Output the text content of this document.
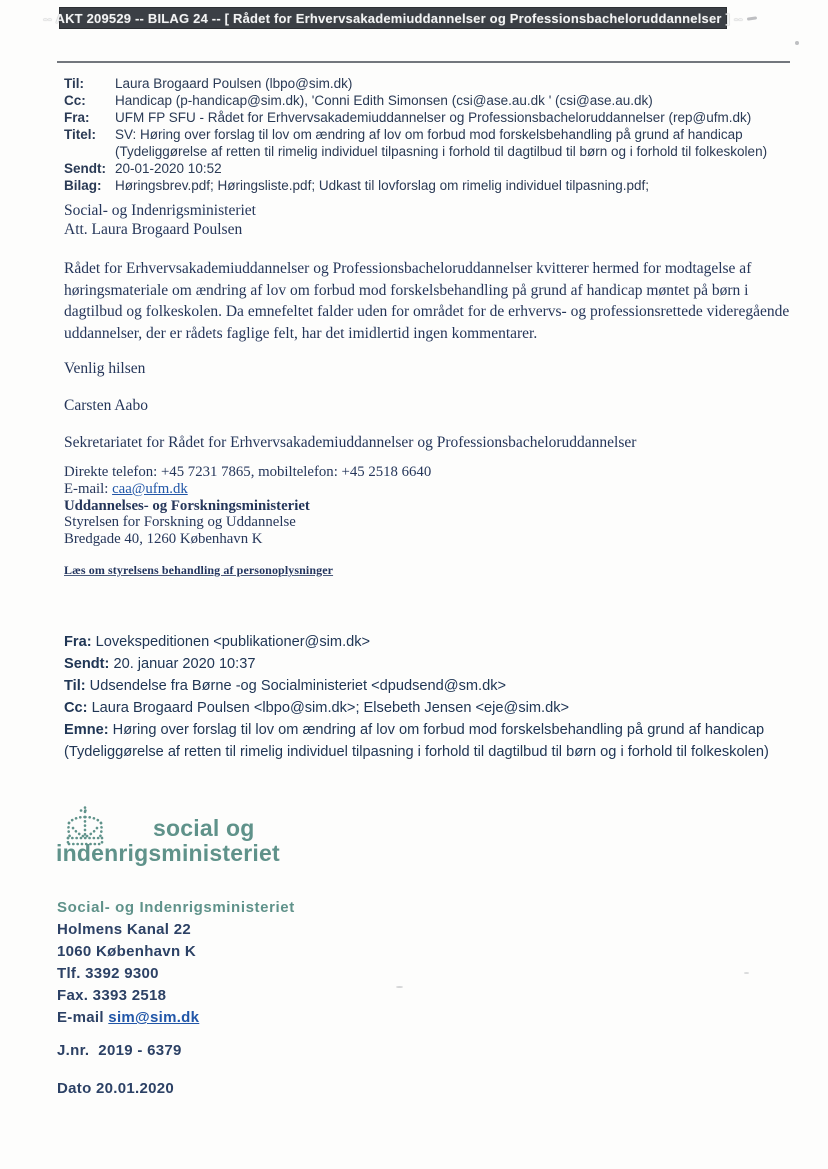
-- AKT 209529 -- BILAG 24 -- [ Rådet for Erhvervsakademiuddannelser og Professionsbacheloruddannelser ] --
Til:	Laura Brogaard Poulsen (lbpo@sim.dk)
Cc:	Handicap (p-handicap@sim.dk), 'Conni Edith Simonsen (csi@ase.au.dk ' (csi@ase.au.dk)
Fra:	UFM FP SFU - Rådet for Erhvervsakademiuddannelser og Professionsbacheloruddannelser (rep@ufm.dk)
Titel:	SV: Høring over forslag til lov om ændring af lov om forbud mod forskelsbehandling på grund af handicap (Tydeliggørelse af retten til rimelig individuel tilpasning i forhold til dagtilbud til børn og i forhold til folkeskolen)
Sendt: 20-01-2020 10:52
Bilag: Høringsbrev.pdf; Høringsliste.pdf; Udkast til lovforslag om rimelig individuel tilpasning.pdf;
Social- og Indenrigsministeriet
Att. Laura Brogaard Poulsen

Rådet for Erhvervsakademiuddannelser og Professionsbacheloruddannelser kvitterer hermed for modtagelse af høringsmateriale om ændring af lov om forbud mod forskelsbehandling på grund af handicap møntet på børn i dagtilbud og folkeskolen. Da emnefeltet falder uden for området for de erhvervs- og professionsrettede videregående uddannelser, der er rådets faglige felt, har det imidlertid ingen kommentarer.

Venlig hilsen
Carsten Aabo
Sekretariatet for Rådet for Erhvervsakademiuddannelser og Professionsbacheloruddannelser
Direkte telefon: +45 7231 7865, mobiltelefon: +45 2518 6640
E-mail: caa@ufm.dk
Uddannelses- og Forskningsministeriet
Styrelsen for Forskning og Uddannelse
Bredgade 40, 1260 København K
Læs om styrelsens behandling af personoplysninger
Fra: Lovekspeditionen <publikationer@sim.dk>
Sendt: 20. januar 2020 10:37
Til: Udsendelse fra Børne -og Socialministeriet <dpudsend@sm.dk>
Cc: Laura Brogaard Poulsen <lbpo@sim.dk>; Elsebeth Jensen <eje@sim.dk>
Emne: Høring over forslag til lov om ændring af lov om forbud mod forskelsbehandling på grund af handicap (Tydeliggørelse af retten til rimelig individuel tilpasning i forhold til dagtilbud til børn og i forhold til folkeskolen)
social og
indenrigsministeriet
Social- og Indenrigsministeriet
Holmens Kanal 22
1060 København K
Tlf. 3392 9300
Fax. 3393 2518
E-mail sim@sim.dk
J.nr. 2019 - 6379
Dato 20.01.2020
